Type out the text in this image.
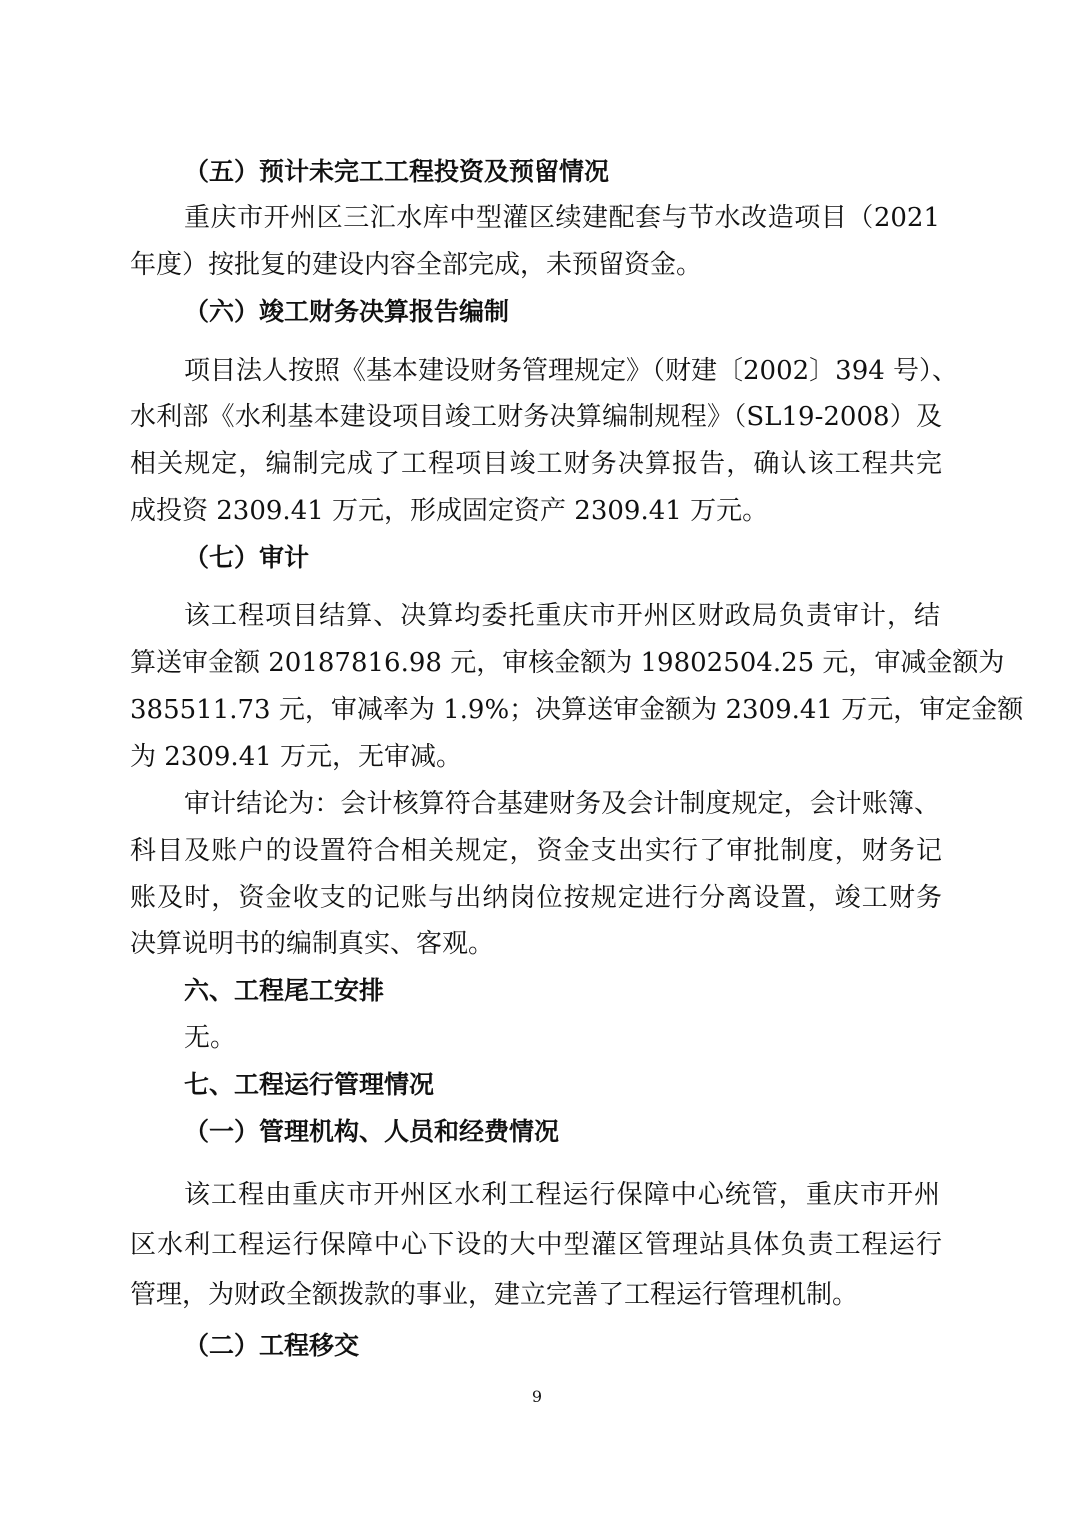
（五）预计未完工工程投资及预留情况
重庆市开州区三汇水库中型灌区续建配套与节水改造项目（2021
年度）按批复的建设内容全部完成，未预留资金。
（六）竣工财务决算报告编制
项目法人按照《基本建设财务管理规定》（财建〔2002〕394 号）、
水利部《水利基本建设项目竣工财务决算编制规程》（SL19-2008）及
相关规定，编制完成了工程项目竣工财务决算报告，确认该工程共完
成投资 2309.41 万元，形成固定资产 2309.41 万元。
（七）审计
该工程项目结算、决算均委托重庆市开州区财政局负责审计，结
算送审金额 20187816.98 元，审核金额为 19802504.25 元，审减金额为
385511.73 元，审减率为 1.9%；决算送审金额为 2309.41 万元，审定金额
为 2309.41 万元，无审减。
审计结论为：会计核算符合基建财务及会计制度规定，会计账簿、
科目及账户的设置符合相关规定，资金支出实行了审批制度，财务记
账及时，资金收支的记账与出纳岗位按规定进行分离设置，竣工财务
决算说明书的编制真实、客观。
六、工程尾工安排
无。
七、工程运行管理情况
（一）管理机构、人员和经费情况
该工程由重庆市开州区水利工程运行保障中心统管，重庆市开州
区水利工程运行保障中心下设的大中型灌区管理站具体负责工程运行
管理，为财政全额拨款的事业，建立完善了工程运行管理机制。
（二）工程移交
9
